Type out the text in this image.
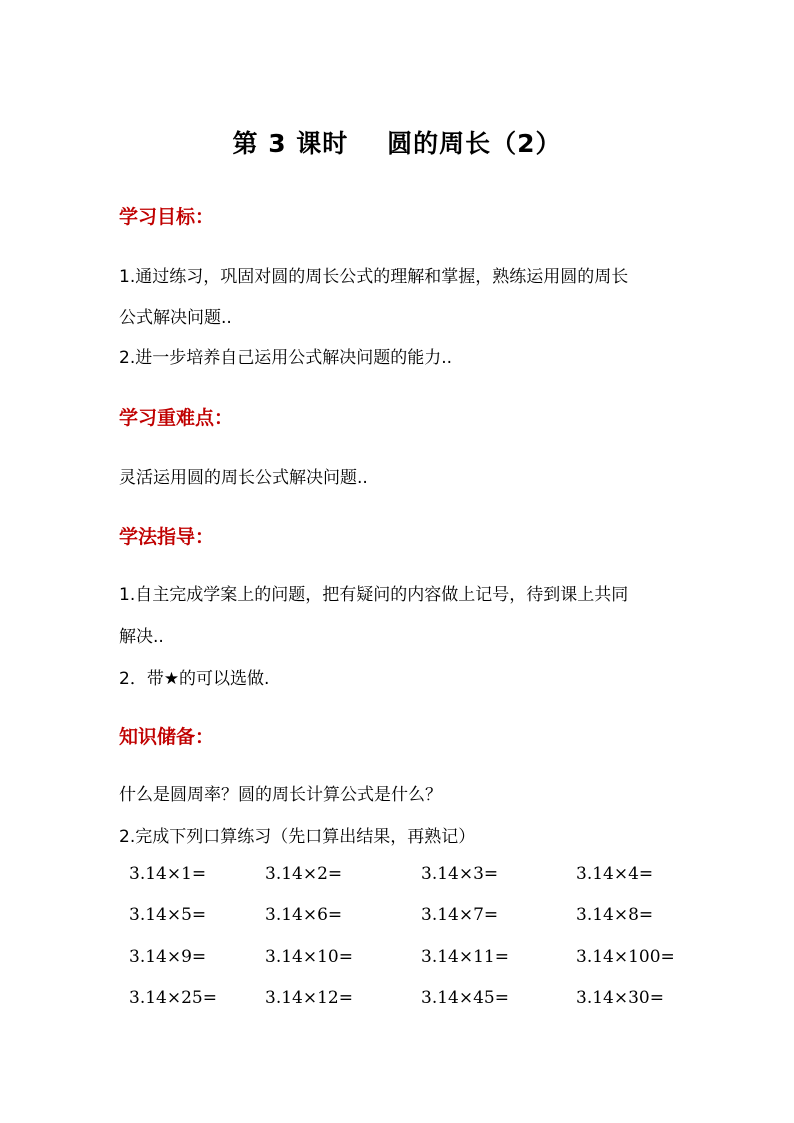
第 3 课时    圆的周长（2）
学习目标：
1.通过练习，巩固对圆的周长公式的理解和掌握，熟练运用圆的周长
公式解决问题..
2.进一步培养自己运用公式解决问题的能力..
学习重难点：
灵活运用圆的周长公式解决问题..
学法指导：
1.自主完成学案上的问题，把有疑问的内容做上记号，待到课上共同
解决..
2．带★的可以选做.
知识储备：
什么是圆周率？圆的周长计算公式是什么？
2.完成下列口算练习（先口算出结果，再熟记）
3.14×1=	3.14×2=	3.14×3=	3.14×4=
3.14×5=	3.14×6=	3.14×7=	3.14×8=
3.14×9=	3.14×10=	3.14×11=	3.14×100=
3.14×25=	3.14×12=	3.14×45=	3.14×30=
